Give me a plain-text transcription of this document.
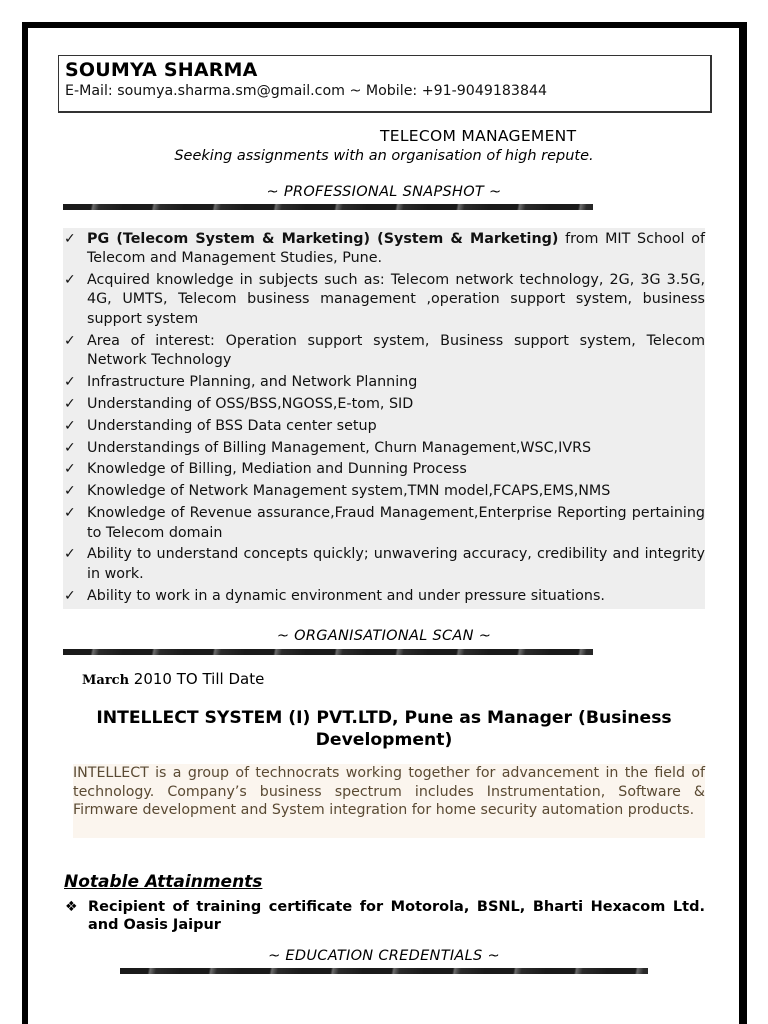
SOUMYA SHARMA
E-Mail: soumya.sharma.sm@gmail.com ~ Mobile: +91-9049183844
TELECOM MANAGEMENT
Seeking assignments with an organisation of high repute.
~ PROFESSIONAL SNAPSHOT ~
✓ PG (Telecom System & Marketing) (System & Marketing) from MIT School of Telecom and Management Studies, Pune.
✓ Acquired knowledge in subjects such as: Telecom network technology, 2G, 3G 3.5G, 4G, UMTS, Telecom business management ,operation support system, business support system
✓ Area of interest: Operation support system, Business support system, Telecom Network Technology
✓ Infrastructure Planning, and Network Planning
✓ Understanding of OSS/BSS,NGOSS,E-tom, SID
✓ Understanding of BSS Data center setup
✓ Understandings of Billing Management, Churn Management,WSC,IVRS
✓ Knowledge of Billing, Mediation and Dunning Process
✓ Knowledge of Network Management system,TMN model,FCAPS,EMS,NMS
✓ Knowledge of Revenue assurance,Fraud Management,Enterprise Reporting pertaining to Telecom domain
✓ Ability to understand concepts quickly; unwavering accuracy, credibility and integrity in work.
✓ Ability to work in a dynamic environment and under pressure situations.
~ ORGANISATIONAL SCAN ~
March 2010 TO Till Date
INTELLECT SYSTEM (I) PVT.LTD, Pune as Manager (Business Development)
INTELLECT is a group of technocrats working together for advancement in the field of technology. Company’s business spectrum includes Instrumentation, Software & Firmware development and System integration for home security automation products.
Notable Attainments
❖ Recipient of training certificate for Motorola, BSNL, Bharti Hexacom Ltd. and Oasis Jaipur
~ EDUCATION CREDENTIALS ~
